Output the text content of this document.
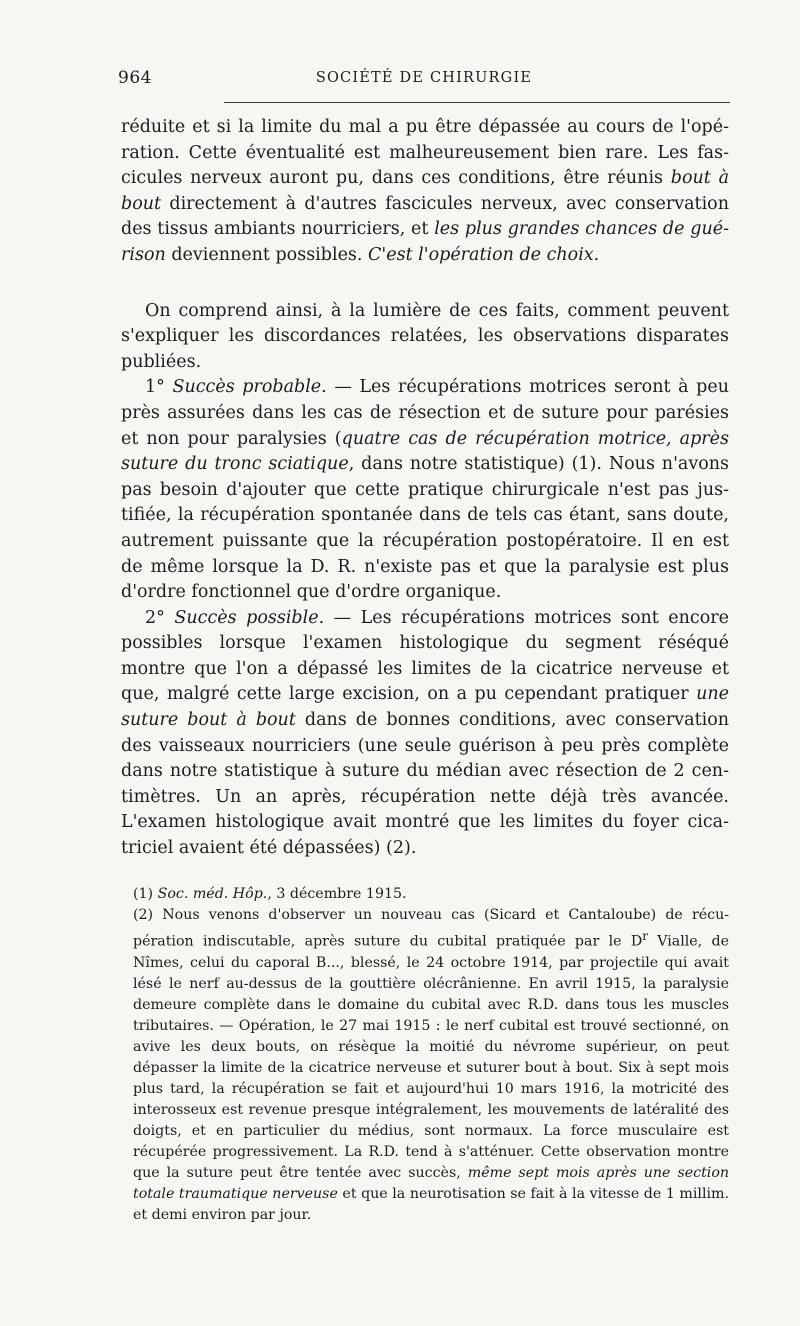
964	SOCIÉTÉ DE CHIRURGIE

réduite et si la limite du mal a pu être dépassée au cours de l'opé-ration. Cette éventualité est malheureusement bien rare. Les fas-cicules nerveux auront pu, dans ces conditions, être réunis bout à bout directement à d'autres fascicules nerveux, avec conservation des tissus ambiants nourriciers, et les plus grandes chances de gué-rison deviennent possibles. C'est l'opération de choix.

On comprend ainsi, à la lumière de ces faits, comment peuvent s'expliquer les discordances relatées, les observations disparates publiées.

1° Succès probable. — Les récupérations motrices seront à peu près assurées dans les cas de résection et de suture pour parésies et non pour paralysies (quatre cas de récupération motrice, après suture du tronc sciatique, dans notre statistique) (1). Nous n'avons pas besoin d'ajouter que cette pratique chirurgicale n'est pas jus-tifiée, la récupération spontanée dans de tels cas étant, sans doute, autrement puissante que la récupération postopératoire. Il en est de même lorsque la D. R. n'existe pas et que la paralysie est plus d'ordre fonctionnel que d'ordre organique.

2° Succès possible. — Les récupérations motrices sont encore possibles lorsque l'examen histologique du segment réséqué montre que l'on a dépassé les limites de la cicatrice nerveuse et que, malgré cette large excision, on a pu cependant pratiquer une suture bout à bout dans de bonnes conditions, avec conservation des vaisseaux nourriciers (une seule guérison à peu près complète dans notre statistique à suture du médian avec résection de 2 cen-timètres. Un an après, récupération nette déjà très avancée. L'examen histologique avait montré que les limites du foyer cica-triciel avaient été dépassées) (2).

(1) Soc. méd. Hôp., 3 décembre 1915.

(2) Nous venons d'observer un nouveau cas (Sicard et Cantaloube) de récu-pération indiscutable, après suture du cubital pratiquée par le $D^r$ Vialle, de Nîmes, celui du caporal B..., blessé, le 24 octobre 1914, par projectile qui avait lésé le nerf au-dessus de la gouttière olécrânienne. En avril 1915, la paralysie demeure complète dans le domaine du cubital avec R.D. dans tous les muscles tributaires. — Opération, le 27 mai 1915 : le nerf cubital est trouvé sectionné, on avive les deux bouts, on résèque la moitié du névrome supérieur, on peut dépasser la limite de la cicatrice nerveuse et suturer bout à bout. Six à sept mois plus tard, la récupération se fait et aujourd'hui 10 mars 1916, la motricité des interosseux est revenue presque intégralement, les mouvements de latéralité des doigts, et en particulier du médius, sont normaux. La force musculaire est récupérée progressivement. La R.D. tend à s'atténuer. Cette observation montre que la suture peut être tentée avec succès, même sept mois après une section totale traumatique nerveuse et que la neurotisation se fait à la vitesse de 1 millim. et demi environ par jour.
